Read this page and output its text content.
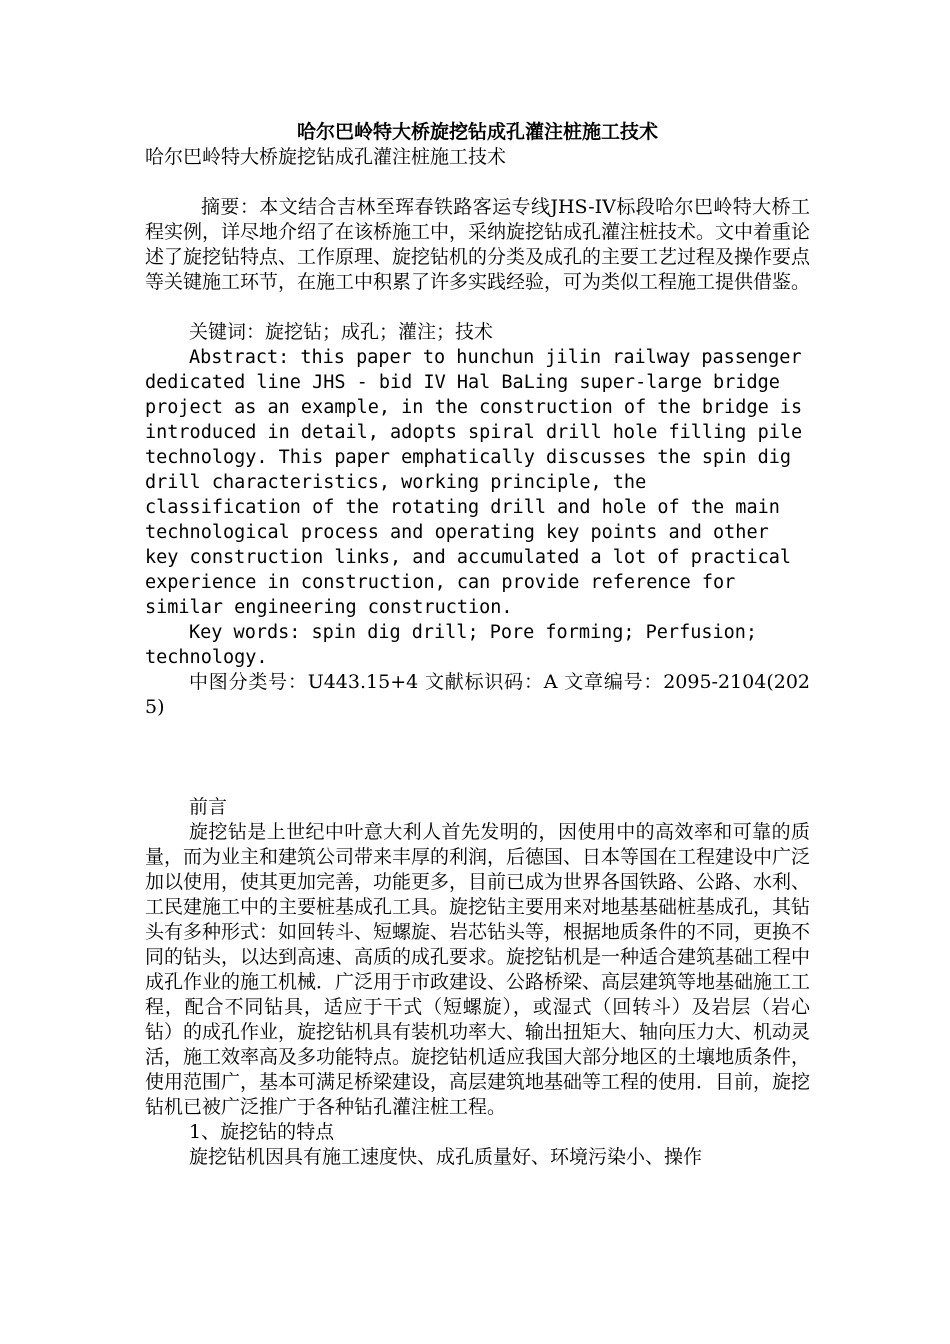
哈尔巴岭特大桥旋挖钻成孔灌注桩施工技术

哈尔巴岭特大桥旋挖钻成孔灌注桩施工技术

摘要：本文结合吉林至珲春铁路客运专线JHS-IV标段哈尔巴岭特大桥工程实例，详尽地介绍了在该桥施工中，采纳旋挖钻成孔灌注桩技术。文中着重论述了旋挖钻特点、工作原理、旋挖钻机的分类及成孔的主要工艺过程及操作要点等关键施工环节，在施工中积累了许多实践经验，可为类似工程施工提供借鉴。

关键词：旋挖钻；成孔；灌注；技术

Abstract: this paper to hunchun jilin railway passenger dedicated line JHS - bid IV Hal BaLing super-large bridge project as an example, in the construction of the bridge is introduced in detail, adopts spiral drill hole filling pile technology. This paper emphatically discusses the spin dig drill characteristics, working principle, the classification of the rotating drill and hole of the main technological process and operating key points and other key construction links, and accumulated a lot of practical experience in construction, can provide reference for similar engineering construction.

Key words: spin dig drill; Pore forming; Perfusion; technology.

中图分类号：U443.15+4 文献标识码：A 文章编号：2095-2104(2025)

前言

旋挖钻是上世纪中叶意大利人首先发明的，因使用中的高效率和可靠的质量，而为业主和建筑公司带来丰厚的利润，后德国、日本等国在工程建设中广泛加以使用，使其更加完善，功能更多，目前已成为世界各国铁路、公路、水利、工民建施工中的主要桩基成孔工具。旋挖钻主要用来对地基基础桩基成孔，其钻头有多种形式：如回转斗、短螺旋、岩芯钻头等，根据地质条件的不同，更换不同的钻头，以达到高速、高质的成孔要求。旋挖钻机是一种适合建筑基础工程中成孔作业的施工机械．广泛用于市政建设、公路桥梁、高层建筑等地基础施工工程，配合不同钻具，适应于干式（短螺旋），或湿式（回转斗）及岩层（岩心钻）的成孔作业，旋挖钻机具有装机功率大、输出扭矩大、轴向压力大、机动灵活，施工效率高及多功能特点。旋挖钻机适应我国大部分地区的土壤地质条件，使用范围广，基本可满足桥梁建设，高层建筑地基础等工程的使用．目前，旋挖钻机已被广泛推广于各种钻孔灌注桩工程。

1、旋挖钻的特点

旋挖钻机因具有施工速度快、成孔质量好、环境污染小、操作
